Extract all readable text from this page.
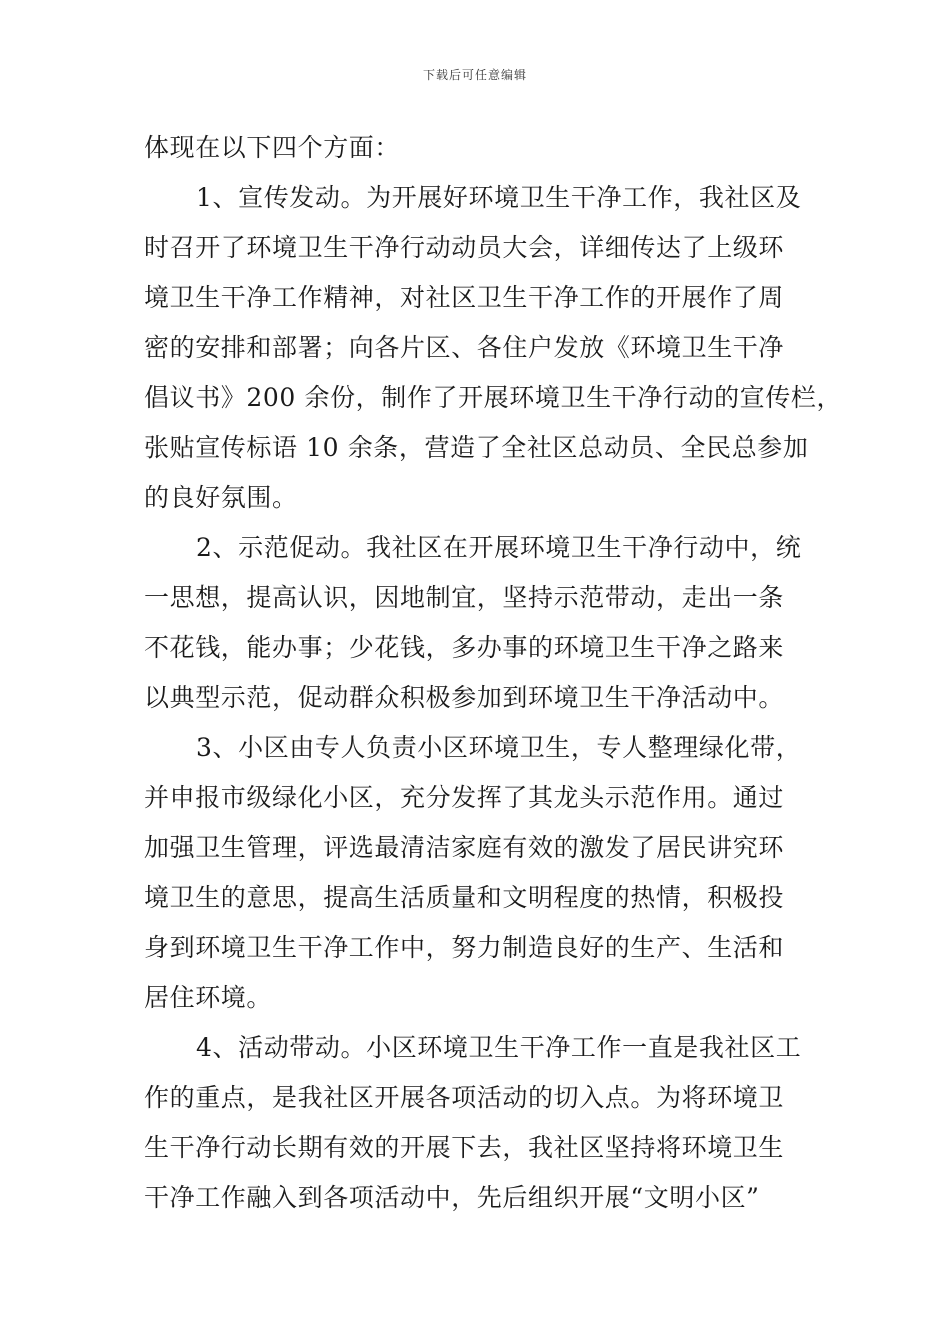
下载后可任意编辑
体现在以下四个方面：
1、宣传发动。为开展好环境卫生干净工作，我社区及
时召开了环境卫生干净行动动员大会，详细传达了上级环
境卫生干净工作精神，对社区卫生干净工作的开展作了周
密的安排和部署；向各片区、各住户发放《环境卫生干净
倡议书》200 余份，制作了开展环境卫生干净行动的宣传栏，
张贴宣传标语 10 余条，营造了全社区总动员、全民总参加
的良好氛围。
2、示范促动。我社区在开展环境卫生干净行动中，统
一思想，提高认识，因地制宜，坚持示范带动，走出一条
不花钱，能办事；少花钱，多办事的环境卫生干净之路来
以典型示范，促动群众积极参加到环境卫生干净活动中。
3、小区由专人负责小区环境卫生，专人整理绿化带，
并申报市级绿化小区，充分发挥了其龙头示范作用。通过
加强卫生管理，评选最清洁家庭有效的激发了居民讲究环
境卫生的意思，提高生活质量和文明程度的热情，积极投
身到环境卫生干净工作中，努力制造良好的生产、生活和
居住环境。
4、活动带动。小区环境卫生干净工作一直是我社区工
作的重点，是我社区开展各项活动的切入点。为将环境卫
生干净行动长期有效的开展下去，我社区坚持将环境卫生
干净工作融入到各项活动中，先后组织开展“文明小区”
